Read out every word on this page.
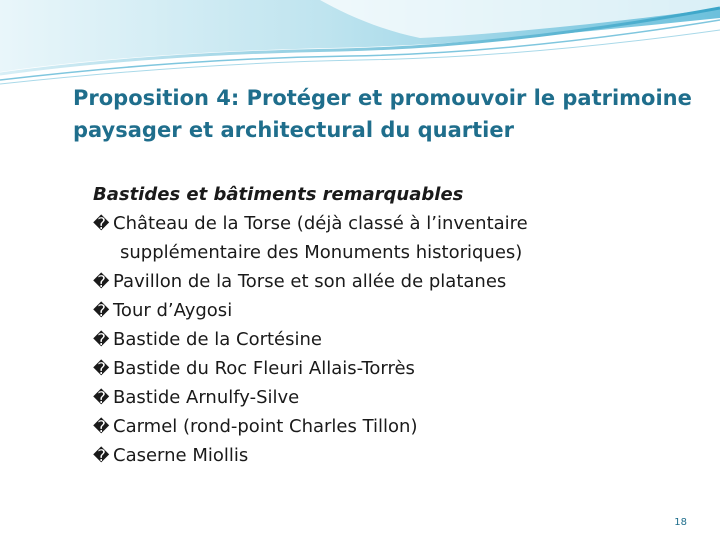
Proposition 4: Protéger et promouvoir le patrimoine
paysager et architectural du quartier
Bastides et bâtiments remarquables
� Château de la Torse (déjà classé à l’inventaire
supplémentaire des Monuments historiques)
� Pavillon de la Torse et son allée de platanes
� Tour d’Aygosi
� Bastide de la Cortésine
� Bastide du Roc Fleuri Allais-Torrès
� Bastide Arnulfy-Silve
� Carmel (rond-point Charles Tillon)
� Caserne Miollis
18
